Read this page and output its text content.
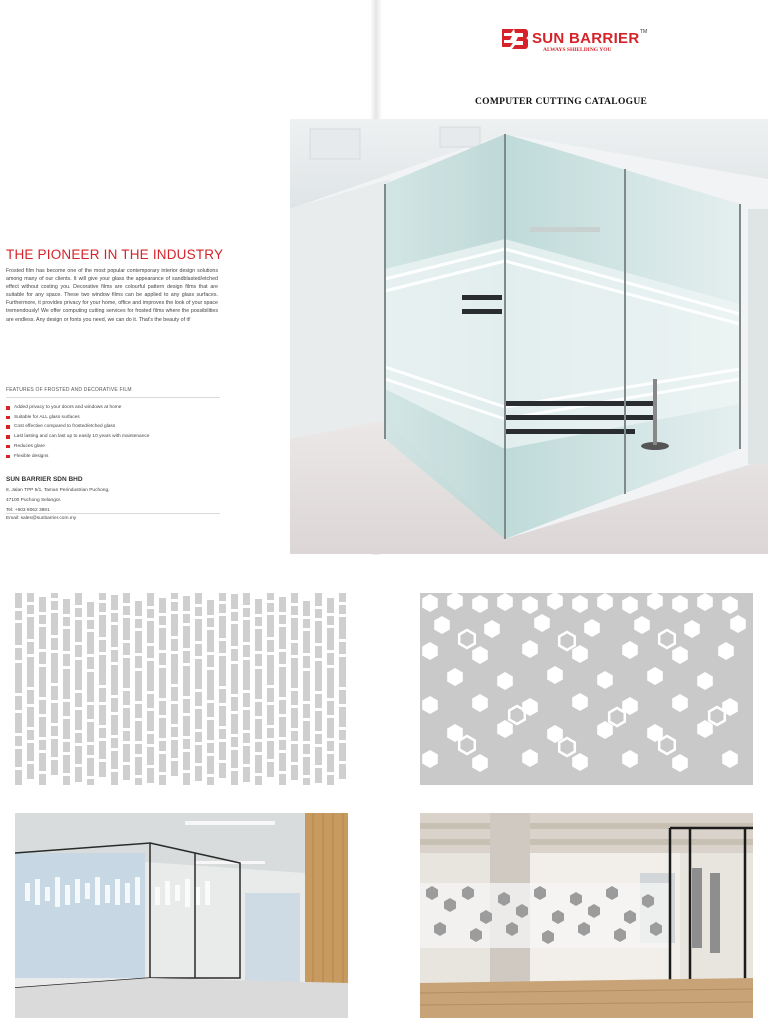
THE PIONEER IN THE INDUSTRY

Frosted film has become one of the most popular contemporary interior design solutions among many of our clients. It will give your glass the appearance of sandblasted/etched effect without costing you. Decorative films are colourful pattern design films that are suitable for any space. These two window films can be applied to any glass surfaces. Furthermore, it provides privacy for your home, office and improves the look of your space tremendously! We offer computing cutting services for frosted films where the possibilities are endless. Any design or fonts you need, we can do it. That's the beauty of it!

FEATURES OF FROSTED AND DECORATIVE FILM
Added privacy to your doors and windows at home
Suitable for ALL glass surfaces
Cost effective compared to frosted/etched glass
Last lasting and can last up to easily 10 years with maintenance
Reduces glare
Flexible designs
SUN BARRIER SDN BHD
8, Jalan TPP 5/1, Taman Perindustrian Puchong,
47100 Puchong Selangor.
Tel: +603 8062 3891
Email: sales@sunbarrier.com.my
SUN BARRIER TM
ALWAYS SHIELDING YOU
COMPUTER CUTTING CATALOGUE
